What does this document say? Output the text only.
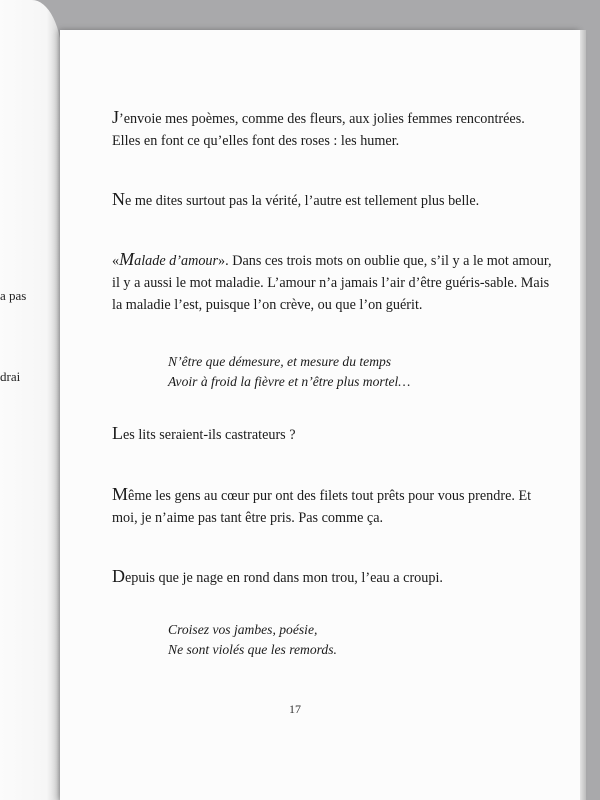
a pas
drai

J’envoie mes poèmes, comme des fleurs, aux jolies femmes rencontrées. Elles en font ce qu’elles font des roses : les humer.

Ne me dites surtout pas la vérité, l’autre est tellement plus belle.

«Malade d’amour». Dans ces trois mots on oublie que, s’il y a le mot amour, il y a aussi le mot maladie. L’amour n’a jamais l’air d’être guéris-sable. Mais la maladie l’est, puisque l’on crève, ou que l’on guérit.

N’être que démesure, et mesure du temps
Avoir à froid la fièvre et n’être plus mortel…

Les lits seraient-ils castrateurs ?

Même les gens au cœur pur ont des filets tout prêts pour vous prendre. Et moi, je n’aime pas tant être pris. Pas comme ça.

Depuis que je nage en rond dans mon trou, l’eau a croupi.

Croisez vos jambes, poésie,
Ne sont violés que les remords.
17
